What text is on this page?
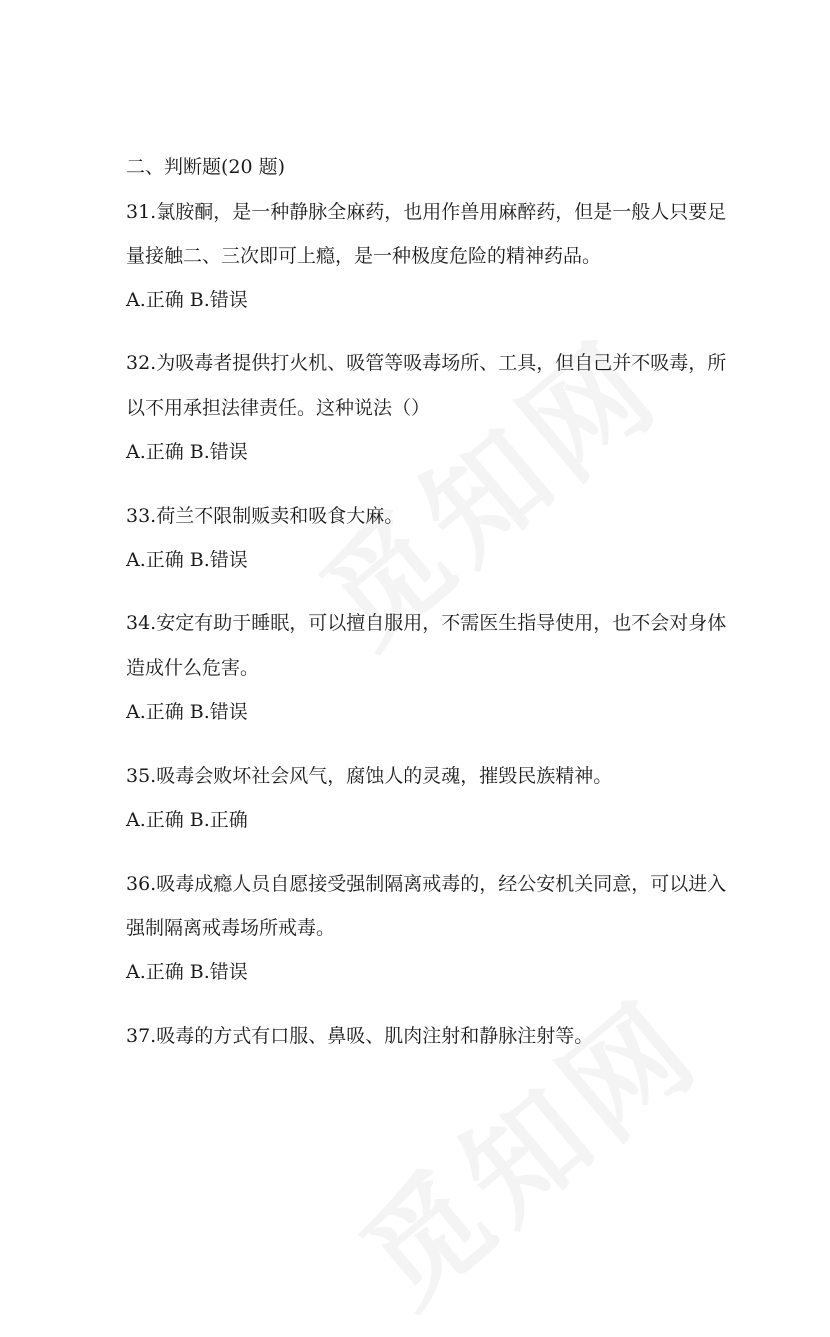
二、判断题(20 题)

31.氯胺酮，是一种静脉全麻药，也用作兽用麻醉药，但是一般人只要足

量接触二、三次即可上瘾，是一种极度危险的精神药品。

A.正确 B.错误

32.为吸毒者提供打火机、吸管等吸毒场所、工具，但自己并不吸毒，所

以不用承担法律责任。这种说法（）

A.正确 B.错误

33.荷兰不限制贩卖和吸食大麻。

A.正确 B.错误

34.安定有助于睡眠，可以擅自服用，不需医生指导使用，也不会对身体

造成什么危害。

A.正确 B.错误

35.吸毒会败坏社会风气，腐蚀人的灵魂，摧毁民族精神。

A.正确 B.正确

36.吸毒成瘾人员自愿接受强制隔离戒毒的，经公安机关同意，可以进入

强制隔离戒毒场所戒毒。

A.正确 B.错误

37.吸毒的方式有口服、鼻吸、肌肉注射和静脉注射等。
